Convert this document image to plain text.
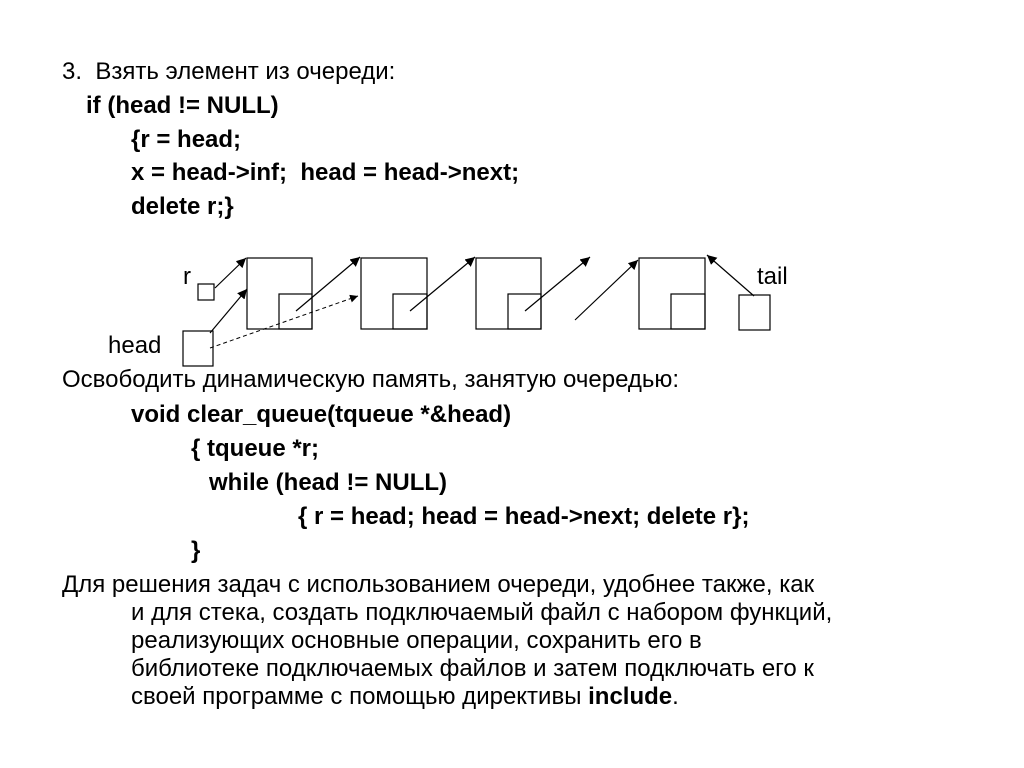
3.  Взять элемент из очереди:
if (head != NULL)
{r = head;
x = head->inf;  head = head->next;
delete r;}
r	tail
head
Освободить динамическую память, занятую очередью:
void clear_queue(tqueue *&head)
{ tqueue *r;
while (head != NULL)
{ r = head; head = head->next; delete r};
}
Для решения задач с использованием очереди, удобнее также, как
и для стека, создать подключаемый файл с набором функций,
реализующих основные операции, сохранить его в
библиотеке подключаемых файлов и затем подключать его к
своей программе с помощью директивы include.
